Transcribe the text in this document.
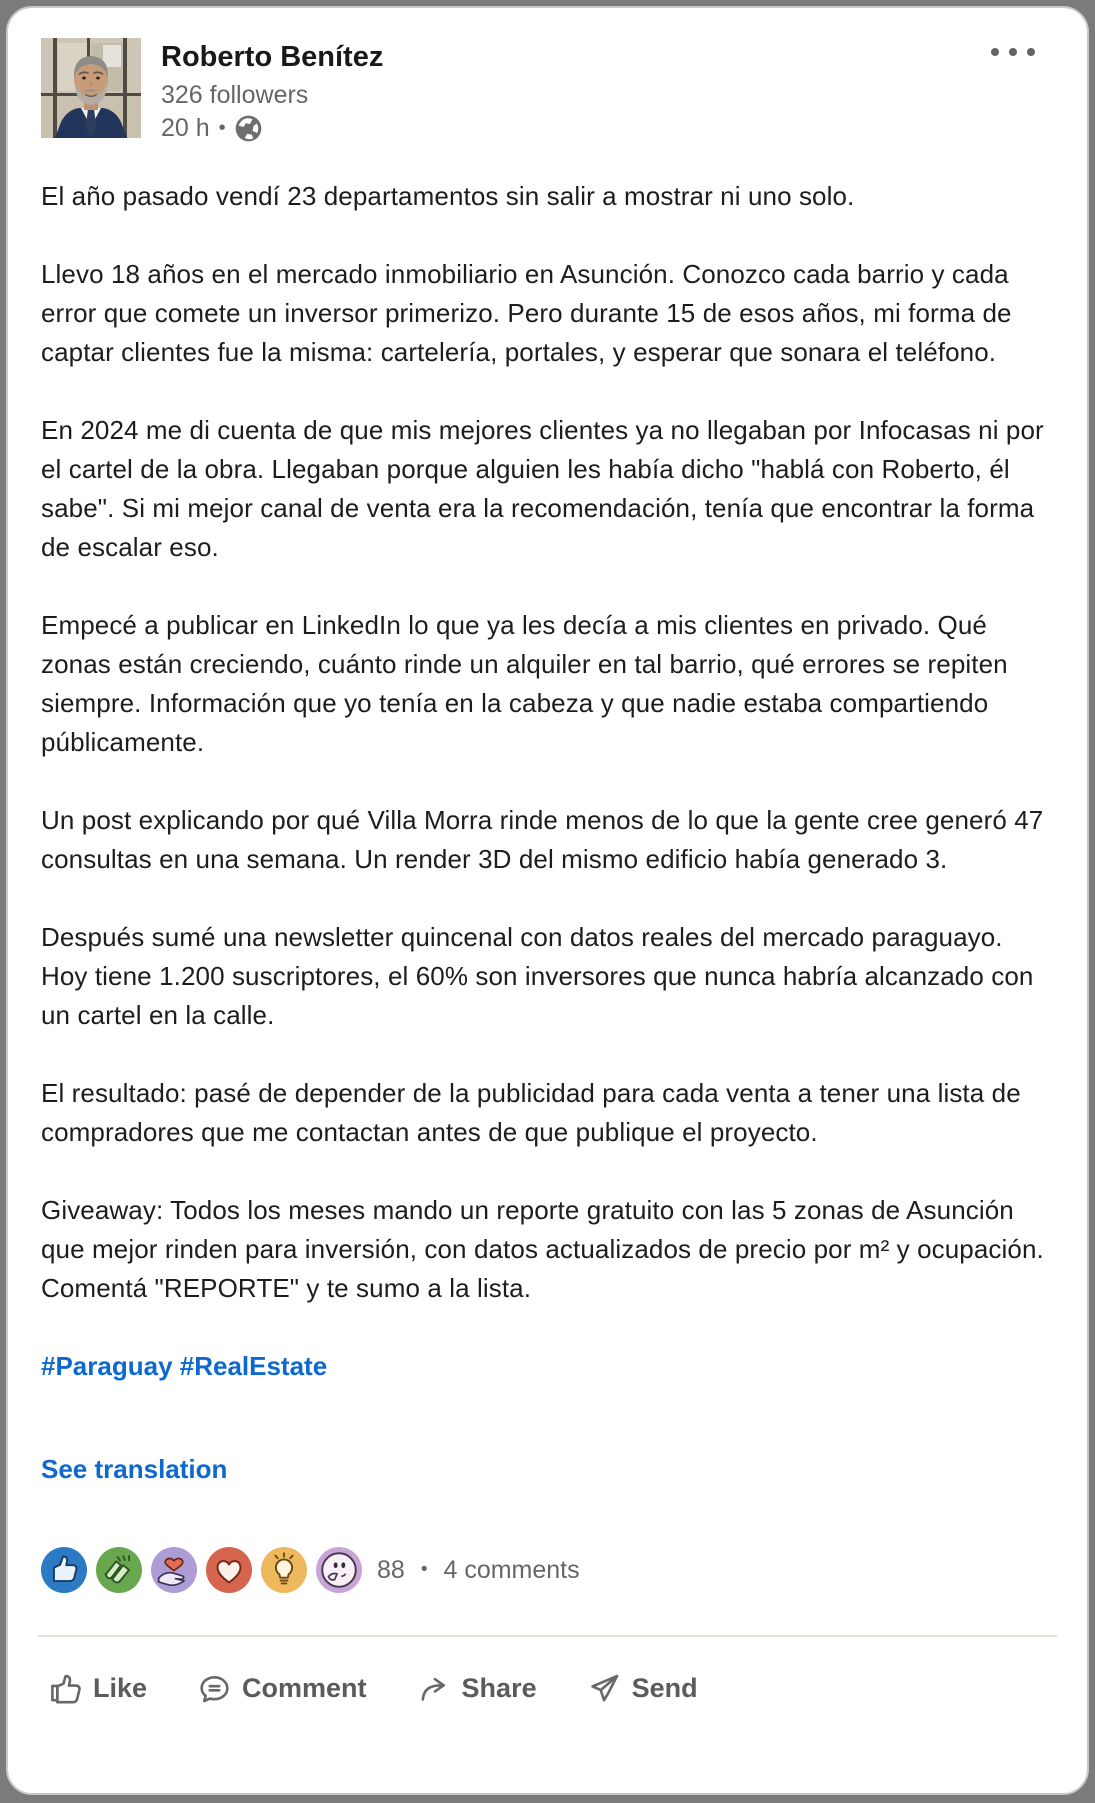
Roberto Benítez
326 followers
20 h •

El año pasado vendí 23 departamentos sin salir a mostrar ni uno solo.

Llevo 18 años en el mercado inmobiliario en Asunción. Conozco cada barrio y cada error que comete un inversor primerizo. Pero durante 15 de esos años, mi forma de captar clientes fue la misma: cartelería, portales, y esperar que sonara el teléfono.

En 2024 me di cuenta de que mis mejores clientes ya no llegaban por Infocasas ni por el cartel de la obra. Llegaban porque alguien les había dicho "hablá con Roberto, él sabe". Si mi mejor canal de venta era la recomendación, tenía que encontrar la forma de escalar eso.

Empecé a publicar en LinkedIn lo que ya les decía a mis clientes en privado. Qué zonas están creciendo, cuánto rinde un alquiler en tal barrio, qué errores se repiten siempre. Información que yo tenía en la cabeza y que nadie estaba compartiendo públicamente.

Un post explicando por qué Villa Morra rinde menos de lo que la gente cree generó 47 consultas en una semana. Un render 3D del mismo edificio había generado 3.

Después sumé una newsletter quincenal con datos reales del mercado paraguayo. Hoy tiene 1.200 suscriptores, el 60% son inversores que nunca habría alcanzado con un cartel en la calle.

El resultado: pasé de depender de la publicidad para cada venta a tener una lista de compradores que me contactan antes de que publique el proyecto.

Giveaway: Todos los meses mando un reporte gratuito con las 5 zonas de Asunción que mejor rinden para inversión, con datos actualizados de precio por m² y ocupación. Comentá "REPORTE" y te sumo a la lista.

#Paraguay #RealEstate
See translation
88 • 4 comments
Like	Comment	Share	Send
